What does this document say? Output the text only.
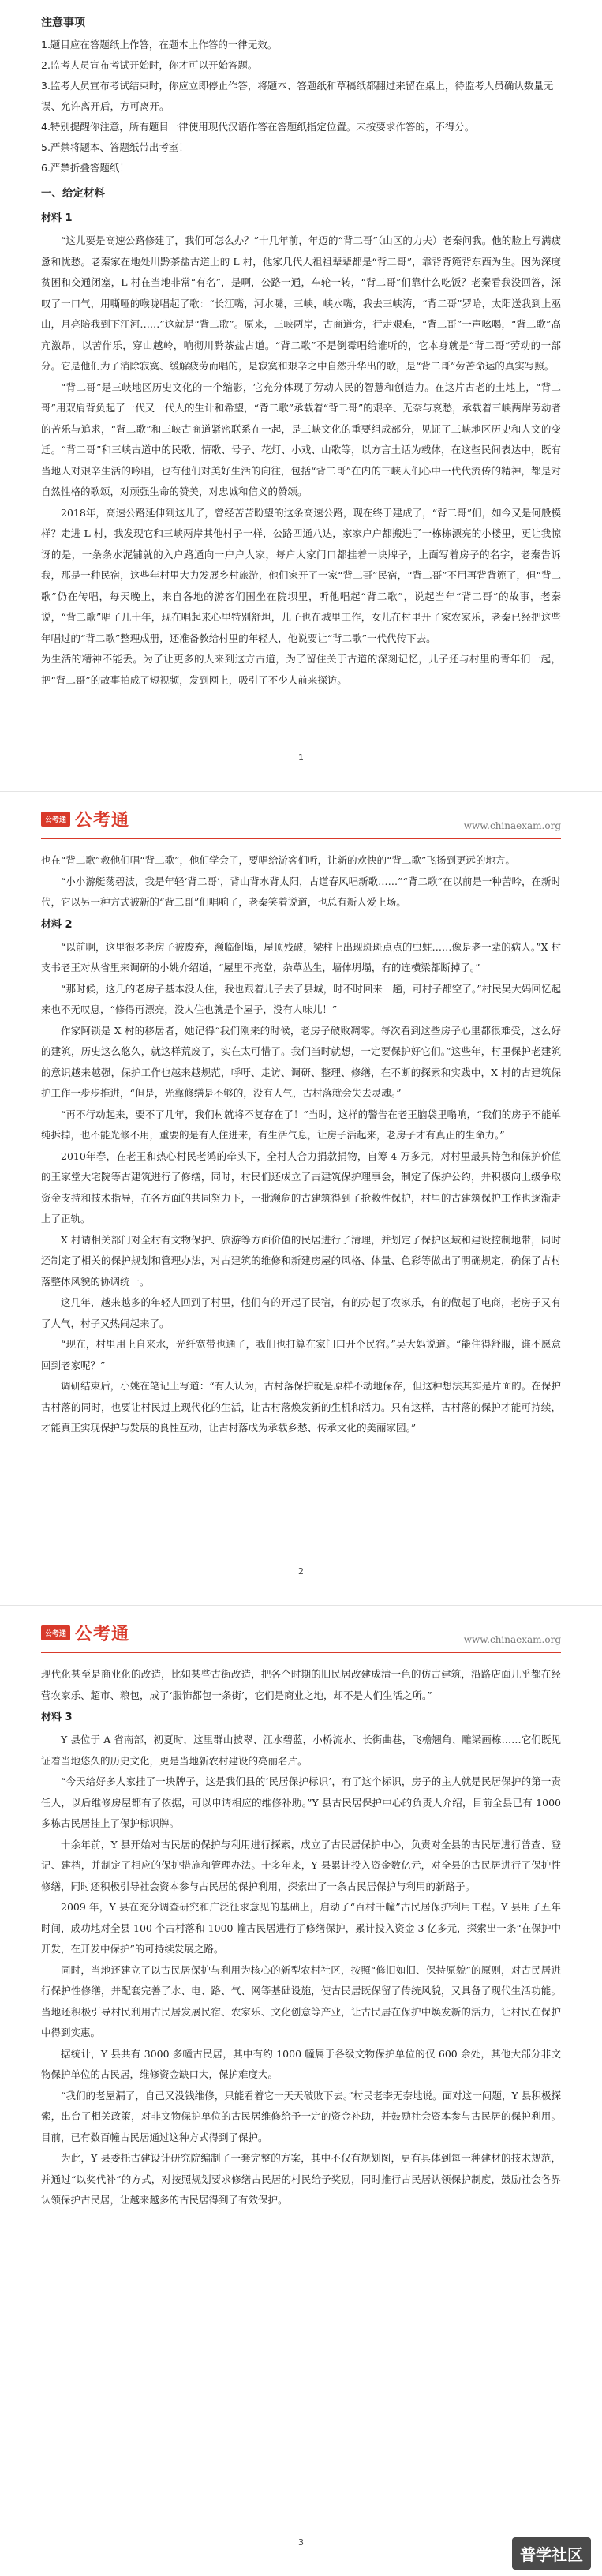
注意事项

1.题目应在答题纸上作答，在题本上作答的一律无效。

2.监考人员宣布考试开始时，你才可以开始答题。

3.监考人员宣布考试结束时，你应立即停止作答，将题本、答题纸和草稿纸都翻过来留在桌上，待监考人员确认数量无误、允许离开后，方可离开。

4.特别提醒你注意，所有题目一律使用现代汉语作答在答题纸指定位置。未按要求作答的，不得分。

5.严禁将题本、答题纸带出考室！

6.严禁折叠答题纸！

一、给定材料
材料 1

“这儿要是高速公路修建了，我们可怎么办？”十几年前，年迈的“背二哥”（山区的力夫）老秦问我。他的脸上写满疲惫和忧愁。老秦家在地处川黔茶盐古道上的 L 村，他家几代人祖祖辈辈都是“背二哥”，靠背背篼背东西为生。因为深度贫困和交通闭塞，L 村在当地非常“有名”，是啊，公路一通，车轮一转，“背二哥”们靠什么吃饭？老秦看我没回答，深叹了一口气，用嘶哑的喉咙唱起了歌：“长江嘴，河水嘴，三峡，峡水嘴，我去三峡湾，“背二哥”罗哈，太阳送我到上巫山，月亮陪我到下江河……”这就是“背二歌”。原来，三峡两岸，古商道旁，行走艰难，“背二哥”一声吆喝，“背二歌”高亢激昂，以苦作乐，穿山越岭，响彻川黔茶盐古道。“背二歌”不是倒霉唱给谁听的，它本身就是“背二哥”劳动的一部分。它是他们为了消除寂寞、缓解疲劳而唱的，是寂寞和艰辛之中自然升华出的歌，是“背二哥”劳苦命运的真实写照。

“背二哥”是三峡地区历史文化的一个缩影，它充分体现了劳动人民的智慧和创造力。在这片古老的土地上，“背二哥”用双肩背负起了一代又一代人的生计和希望，“背二歌”承载着“背二哥”的艰辛、无奈与哀愁，承载着三峡两岸劳动者的苦乐与追求，“背二歌”和三峡古商道紧密联系在一起，是三峡文化的重要组成部分，见证了三峡地区历史和人文的变迁。“背二哥”和三峡古道中的民歌、情歌、号子、花灯、小戏、山歌等，以方言土话为载体，在这些民间表达中，既有当地人对艰辛生活的吟唱，也有他们对美好生活的向往，包括“背二哥”在内的三峡人们心中一代代流传的精神，都是对自然性格的歌颂，对顽强生命的赞美，对忠诚和信义的赞颂。

2018年，高速公路延伸到这儿了，曾经苦苦盼望的这条高速公路，现在终于建成了，“背二哥”们，如今又是何般模样？走进 L 村，我发现它和三峡两岸其他村子一样，公路四通八达，家家户户都搬进了一栋栋漂亮的小楼里，更让我惊讶的是，一条条水泥铺就的入户路通向一户户人家，每户人家门口都挂着一块牌子，上面写着房子的名字，老秦告诉我，那是一种民宿，这些年村里大力发展乡村旅游，他们家开了一家“背二哥”民宿，“背二哥”不用再背背篼了，但“背二歌”仍在传唱，每天晚上，来自各地的游客们围坐在院坝里，听他唱起“背二歌”，说起当年“背二哥”的故事，老秦说，“背二歌”唱了几十年，现在唱起来心里特别舒坦，儿子也在城里工作，女儿在村里开了家农家乐，老秦已经把这些年唱过的“背二歌”整理成册，还准备教给村里的年轻人，他说要让“背二歌”一代代传下去。

为生活的精神不能丢。为了让更多的人来到这方古道，为了留住关于古道的深刻记忆，儿子还与村里的青年们一起，把“背二哥”的故事拍成了短视频，发到网上，吸引了不少人前来探访。

1
公考通 公考通	www.chinaexam.org

也在“背二歌”教他们唱“背二歌”，他们学会了，要唱给游客们听，让新的欢快的“背二歌”飞扬到更远的地方。

“小小游艇荡碧波，我是年轻‘背二哥’，背山背水背太阳，古道春风唱新歌……”“背二歌”在以前是一种苦吟，在新时代，它以另一种方式被新的“背二哥”们唱响了，老秦笑着说道，也总有新人爱上场。

材料 2

“以前啊，这里很多老房子被废弃，濒临倒塌，屋顶残破，梁柱上出现斑斑点点的虫蛀……像是老一辈的病人。”X 村支书老王对从省里来调研的小姚介绍道，“屋里不亮堂，杂草丛生，墙体坍塌，有的连横梁都断掉了。”

“那时候，这几的老房子基本没人住，我也跟着儿子去了县城，时不时回来一趟，可村子都空了。”村民吴大妈回忆起来也不无叹息，“修得再漂亮，没人住也就是个屋子，没有人味儿！”

作家阿锁是 X 村的移居者，她记得“我们刚来的时候，老房子破败凋零。每次看到这些房子心里都很难受，这么好的建筑，历史这么悠久，就这样荒废了，实在太可惜了。我们当时就想，一定要保护好它们。”这些年，村里保护老建筑的意识越来越强，保护工作也越来越规范，呼吁、走访、调研、整理、修缮，在不断的探索和实践中，X 村的古建筑保护工作一步步推进，“但是，光靠修缮是不够的，没有人气，古村落就会失去灵魂。”

“再不行动起来，要不了几年，我们村就将不复存在了！”当时，这样的警告在老王脑袋里嗡响，“我们的房子不能单纯拆掉，也不能光修不用，重要的是有人住进来，有生活气息，让房子活起来，老房子才有真正的生命力。”

2010年春，在老王和热心村民老鸿的牵头下，全村人合力捐款捐物，自筹 4 万多元，对村里最具特色和保护价值的王家堂大宅院等古建筑进行了修缮，同时，村民们还成立了古建筑保护理事会，制定了保护公约，并积极向上级争取资金支持和技术指导，在各方面的共同努力下，一批濒危的古建筑得到了抢救性保护，村里的古建筑保护工作也逐渐走上了正轨。

X 村请相关部门对全村有文物保护、旅游等方面价值的民居进行了清理，并划定了保护区域和建设控制地带，同时还制定了相关的保护规划和管理办法，对古建筑的维修和新建房屋的风格、体量、色彩等做出了明确规定，确保了古村落整体风貌的协调统一。

这几年，越来越多的年轻人回到了村里，他们有的开起了民宿，有的办起了农家乐，有的做起了电商，老房子又有了人气，村子又热闹起来了。

“现在，村里用上自来水，光纤宽带也通了，我们也打算在家门口开个民宿。”吴大妈说道。“能住得舒服，谁不愿意回到老家呢？”

调研结束后，小姚在笔记上写道：“有人认为，古村落保护就是原样不动地保存，但这种想法其实是片面的。在保护古村落的同时，也要让村民过上现代化的生活，让古村落焕发新的生机和活力。只有这样，古村落的保护才能可持续，才能真正实现保护与发展的良性互动，让古村落成为承载乡愁、传承文化的美丽家园。”

2
公考通 公考通	www.chinaexam.org

现代化甚至是商业化的改造，比如某些古街改造，把各个时期的旧民居改建成清一色的仿古建筑，沿路店面几乎都在经营农家乐、超市、粮包，成了‘服饰都包一条街’，它们是商业之地，却不是人们生活之所。”

材料 3

Y 县位于 A 省南部，初夏时，这里群山披翠、江水碧蓝，小桥流水、长街曲巷，飞檐翘角、雕梁画栋……它们既见证着当地悠久的历史文化，更是当地新农村建设的亮丽名片。

“今天给好多人家挂了一块牌子，这是我们县的‘民居保护标识’，有了这个标识，房子的主人就是民居保护的第一责任人，以后维修房屋都有了依据，可以申请相应的维修补助。”Y 县古民居保护中心的负责人介绍，目前全县已有 1000 多栋古民居挂上了保护标识牌。

十余年前，Y 县开始对古民居的保护与利用进行探索，成立了古民居保护中心，负责对全县的古民居进行普查、登记、建档，并制定了相应的保护措施和管理办法。十多年来，Y 县累计投入资金数亿元，对全县的古民居进行了保护性修缮，同时还积极引导社会资本参与古民居的保护利用，探索出了一条古民居保护与利用的新路子。

2009 年，Y 县在充分调查研究和广泛征求意见的基础上，启动了“百村千幢”古民居保护利用工程。Y 县用了五年时间，成功地对全县 100 个古村落和 1000 幢古民居进行了修缮保护，累计投入资金 3 亿多元，探索出一条“在保护中开发，在开发中保护”的可持续发展之路。

同时，当地还建立了以古民居保护与利用为核心的新型农村社区，按照“修旧如旧、保持原貌”的原则，对古民居进行保护性修缮，并配套完善了水、电、路、气、网等基础设施，使古民居既保留了传统风貌，又具备了现代生活功能。当地还积极引导村民利用古民居发展民宿、农家乐、文化创意等产业，让古民居在保护中焕发新的活力，让村民在保护中得到实惠。

据统计，Y 县共有 3000 多幢古民居，其中有约 1000 幢属于各级文物保护单位的仅 600 余处，其他大部分非文物保护单位的古民居，维修资金缺口大，保护难度大。

“我们的老屋漏了，自己又没钱维修，只能看着它一天天破败下去。”村民老李无奈地说。面对这一问题，Y 县积极探索，出台了相关政策，对非文物保护单位的古民居维修给予一定的资金补助，并鼓励社会资本参与古民居的保护利用。目前，已有数百幢古民居通过这种方式得到了保护。

为此，Y 县委托古建设计研究院编制了一套完整的方案，其中不仅有规划图，更有具体到每一种建材的技术规范，并通过“以奖代补”的方式，对按照规划要求修缮古民居的村民给予奖励，同时推行古民居认领保护制度，鼓励社会各界认领保护古民居，让越来越多的古民居得到了有效保护。

3
普学社区
